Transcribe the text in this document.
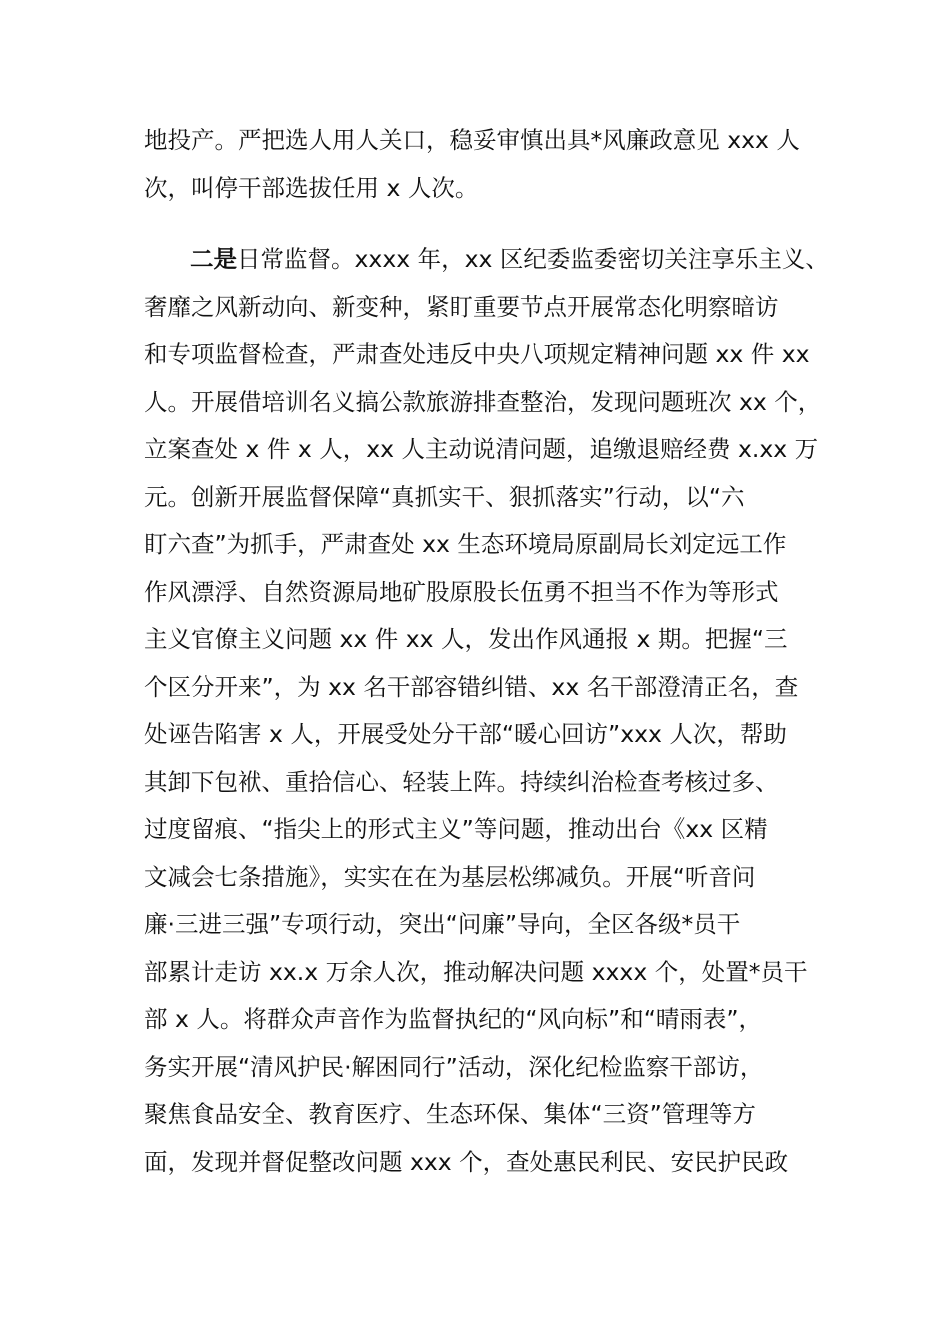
地投产。严把选人用人关口，稳妥审慎出具*风廉政意见 xxx 人
次，叫停干部选拔任用 x 人次。
二是日常监督。xxxx 年，xx 区纪委监委密切关注享乐主义、
奢靡之风新动向、新变种，紧盯重要节点开展常态化明察暗访
和专项监督检查，严肃查处违反中央八项规定精神问题 xx 件 xx
人。开展借培训名义搞公款旅游排查整治，发现问题班次 xx 个，
立案查处 x 件 x 人，xx 人主动说清问题，追缴退赔经费 x.xx 万
元。创新开展监督保障“真抓实干、狠抓落实”行动，以“六
盯六查”为抓手，严肃查处 xx 生态环境局原副局长刘定远工作
作风漂浮、自然资源局地矿股原股长伍勇不担当不作为等形式
主义官僚主义问题 xx 件 xx 人，发出作风通报 x 期。把握“三
个区分开来”，为 xx 名干部容错纠错、xx 名干部澄清正名，查
处诬告陷害 x 人，开展受处分干部“暖心回访”xxx 人次，帮助
其卸下包袱、重拾信心、轻装上阵。持续纠治检查考核过多、
过度留痕、“指尖上的形式主义”等问题，推动出台《xx 区精
文减会七条措施》，实实在在为基层松绑减负。开展“听音问
廉·三进三强”专项行动，突出“问廉”导向，全区各级*员干
部累计走访 xx.x 万余人次，推动解决问题 xxxx 个，处置*员干
部 x 人。将群众声音作为监督执纪的“风向标”和“晴雨表”，
务实开展“清风护民·解困同行”活动，深化纪检监察干部访，
聚焦食品安全、教育医疗、生态环保、集体“三资”管理等方
面，发现并督促整改问题 xxx 个，查处惠民利民、安民护民政
